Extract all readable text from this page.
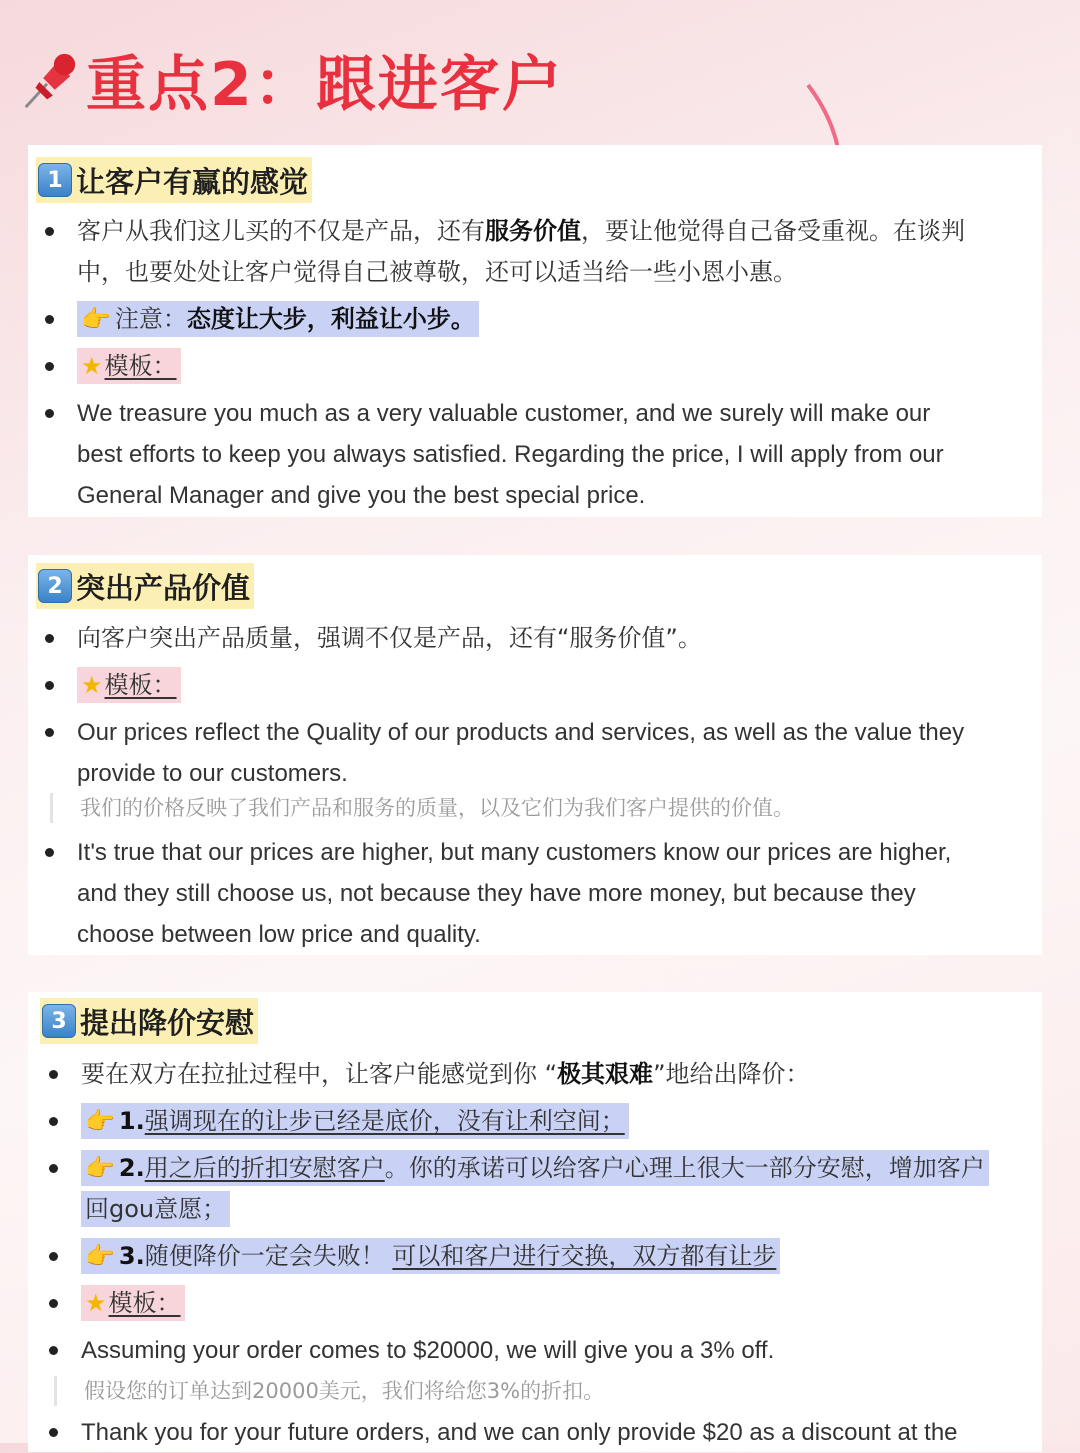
重点2：跟进客户
1 让客户有赢的感觉
客户从我们这儿买的不仅是产品，还有服务价值，要让他觉得自己备受重视。在谈判
中，也要处处让客户觉得自己被尊敬，还可以适当给一些小恩小惠。
👉 注意：态度让大步，利益让小步。
★模板：
We treasure you much as a very valuable customer, and we surely will make our
best efforts to keep you always satisfied. Regarding the price, I will apply from our
General Manager and give you the best special price.
2 突出产品价值
向客户突出产品质量，强调不仅是产品，还有“服务价值”。
★模板：
Our prices reflect the Quality of our products and services, as well as the value they
provide to our customers.
我们的价格反映了我们产品和服务的质量，以及它们为我们客户提供的价值。
It's true that our prices are higher, but many customers know our prices are higher,
and they still choose us, not because they have more money, but because they
choose between low price and quality.
3 提出降价安慰
要在双方在拉扯过程中，让客户能感觉到你 “极其艰难”地给出降价：
👉 1.强调现在的让步已经是底价，没有让利空间；
👉 2.用之后的折扣安慰客户。你的承诺可以给客户心理上很大一部分安慰，增加客户
回gou意愿；
👉 3.随便降价一定会失败！ 可以和客户进行交换，双方都有让步
★模板：
Assuming your order comes to $20000, we will give you a 3% off.
假设您的订单达到20000美元，我们将给您3%的折扣。
Thank you for your future orders, and we can only provide $20 as a discount at the
